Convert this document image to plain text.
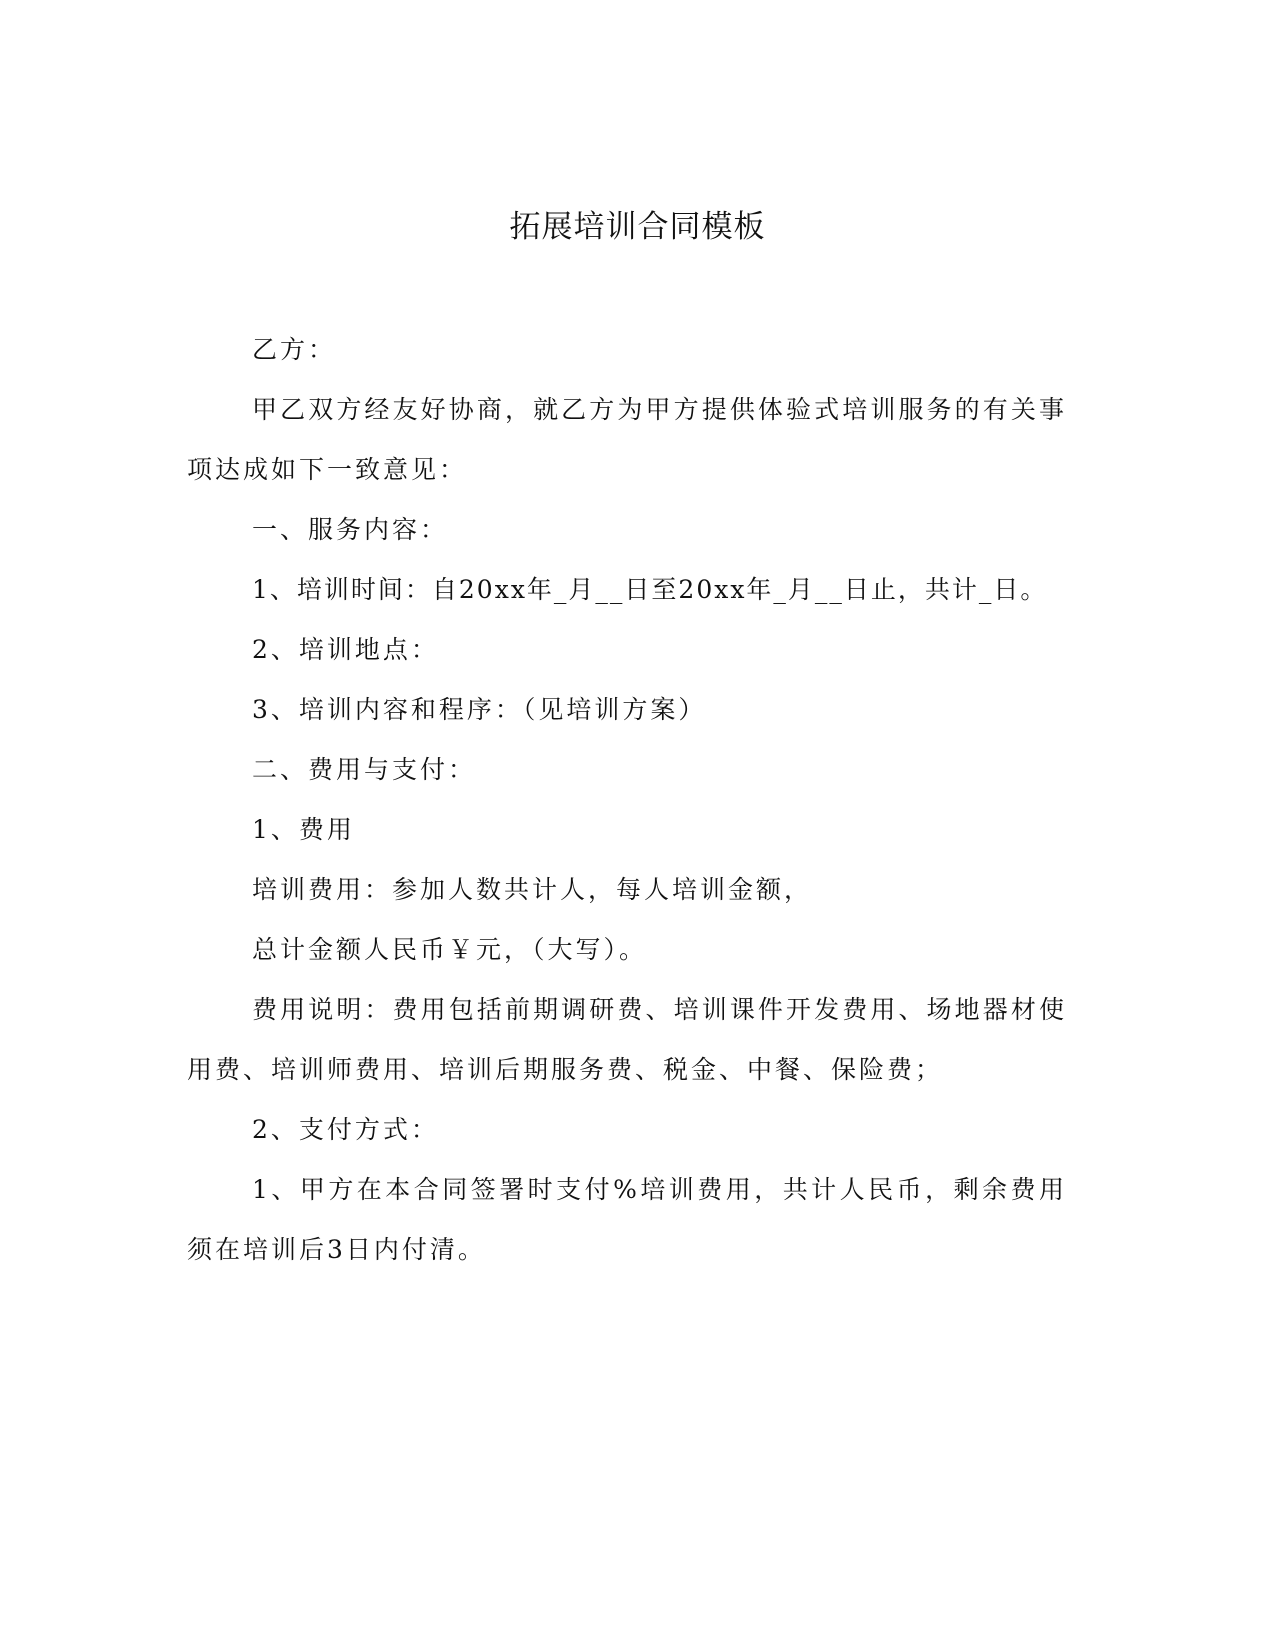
拓展培训合同模板

乙方：

甲乙双方经友好协商，就乙方为甲方提供体验式培训服务的有关事项达成如下一致意见：

一、服务内容：

1、培训时间：自20xx年_月__日至20xx年_月__日止，共计_日。

2、培训地点：

3、培训内容和程序：（见培训方案）

二、费用与支付：

1、费用

培训费用：参加人数共计人，每人培训金额，

总计金额人民币￥元，（大写）。

费用说明：费用包括前期调研费、培训课件开发费用、场地器材使用费、培训师费用、培训后期服务费、税金、中餐、保险费；

2、支付方式：

1、甲方在本合同签署时支付%培训费用，共计人民币，剩余费用须在培训后3日内付清。
